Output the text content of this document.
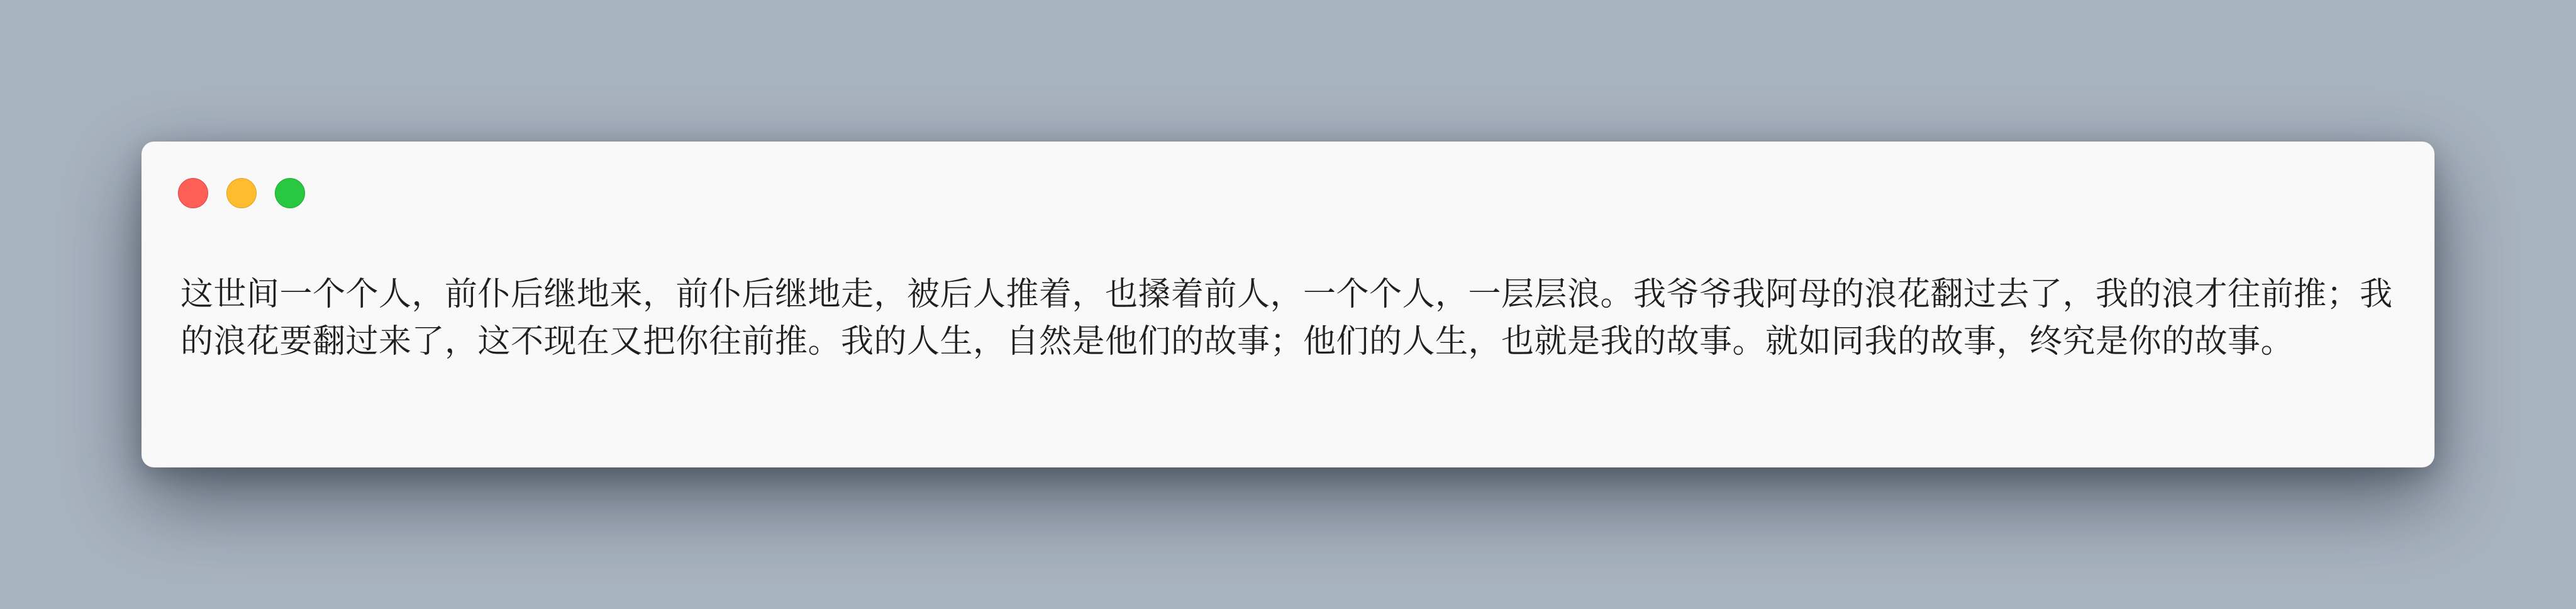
这世间一个个人，前仆后继地来，前仆后继地走，被后人推着，也搡着前人，一个个人，一层层浪。我爷爷我阿母的浪花翻过去了，我的浪才往前推；我的浪花要翻过来了，这不现在又把你往前推。我的人生，自然是他们的故事；他们的人生，也就是我的故事。就如同我的故事，终究是你的故事。
